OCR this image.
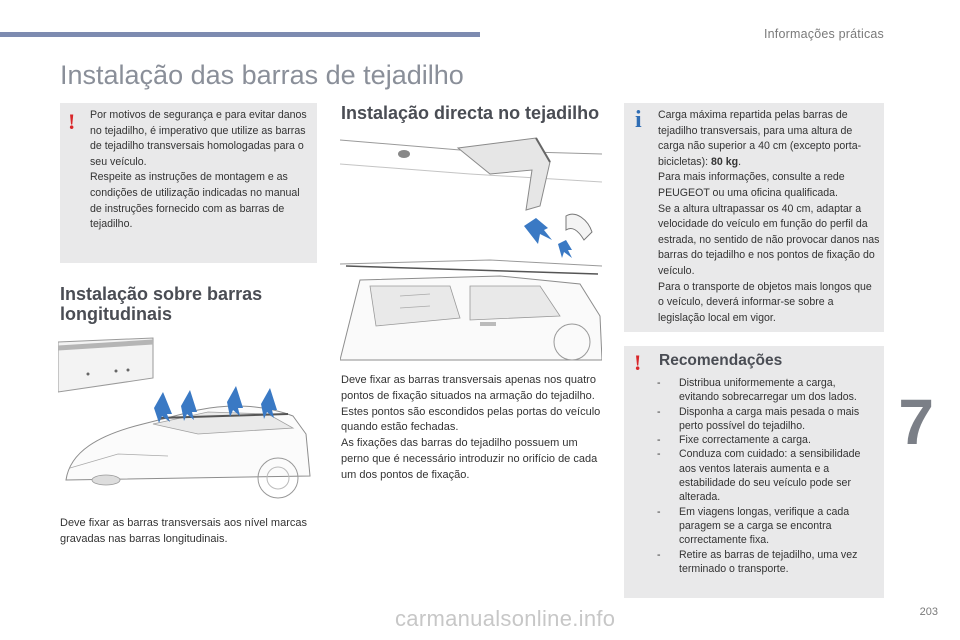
Informações práticas
Instalação das barras de tejadilho
! Por motivos de segurança e para evitar danos no tejadilho, é imperativo que utilize as barras de tejadilho transversais homologadas para o seu veículo.
Respeite as instruções de montagem e as condições de utilização indicadas no manual de instruções fornecido com as barras de tejadilho.
Instalação sobre barras longitudinais
Deve fixar as barras transversais aos nível marcas gravadas nas barras longitudinais.
Instalação directa no tejadilho
Deve fixar as barras transversais apenas nos quatro pontos de fixação situados na armação do tejadilho. Estes pontos são escondidos pelas portas do veículo quando estão fechadas.
As fixações das barras do tejadilho possuem um perno que é necessário introduzir no orifício de cada um dos pontos de fixação.
i Carga máxima repartida pelas barras de tejadilho transversais, para uma altura de carga não superior a 40 cm (excepto porta-bicicletas): 80 kg.
Para mais informações, consulte a rede PEUGEOT ou uma oficina qualificada.
Se a altura ultrapassar os 40 cm, adaptar a velocidade do veículo em função do perfil da estrada, no sentido de não provocar danos nas barras do tejadilho e nos pontos de fixação do veículo.
Para o transporte de objetos mais longos que o veículo, deverá informar-se sobre a legislação local em vigor.
! Recomendações
- Distribua uniformemente a carga, evitando sobrecarregar um dos lados.
- Disponha a carga mais pesada o mais perto possível do tejadilho.
- Fixe correctamente a carga.
- Conduza com cuidado: a sensibilidade aos ventos laterais aumenta e a estabilidade do seu veículo pode ser alterada.
- Em viagens longas, verifique a cada paragem se a carga se encontra correctamente fixa.
- Retire as barras de tejadilho, uma vez terminado o transporte.
7
carmanualsonline.info	203
